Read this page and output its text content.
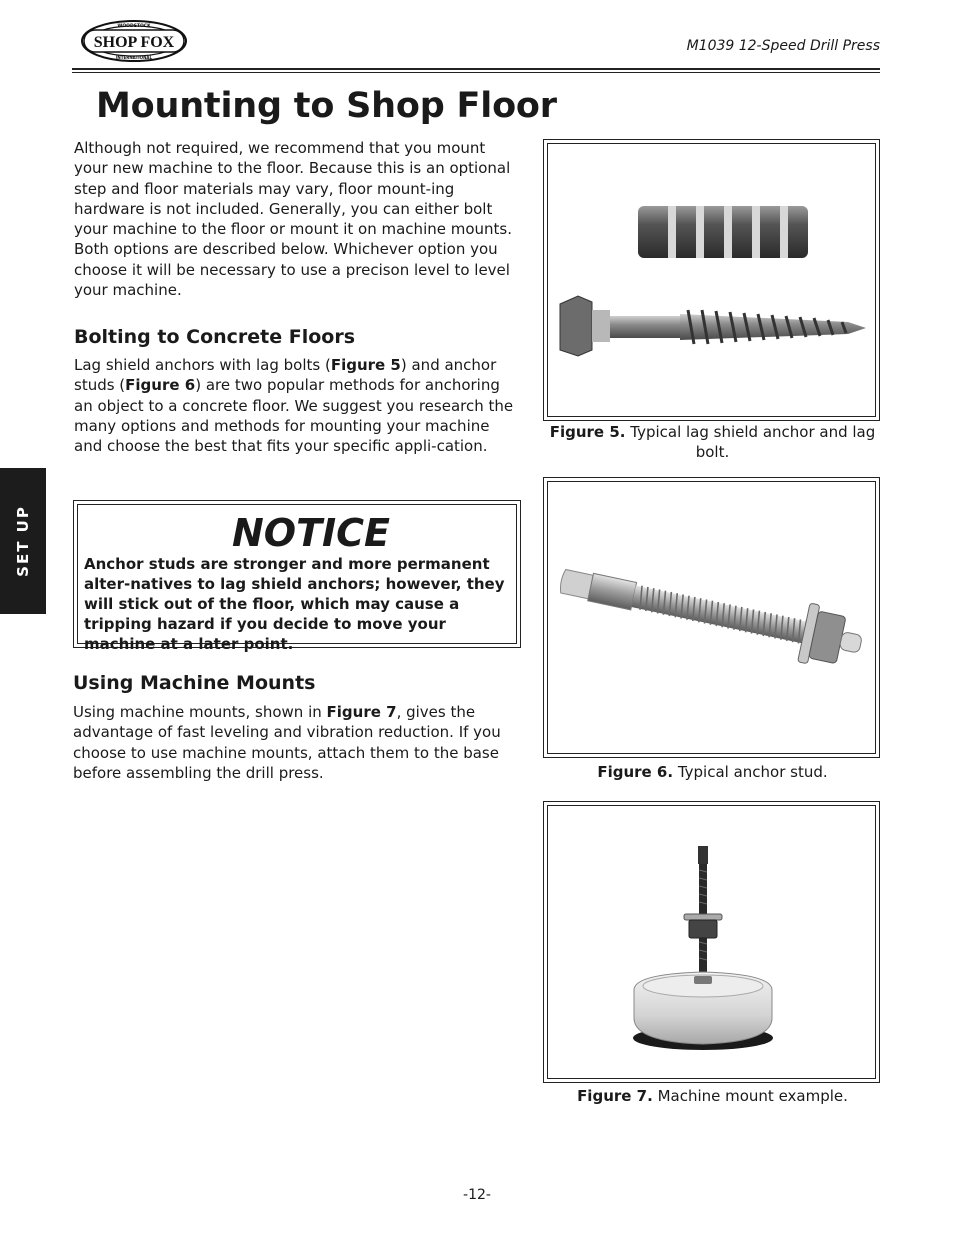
SHOP FOX
WOODSTOCK
INTERNATIONAL
M1039 12-Speed Drill Press
Mounting to Shop Floor

Although not required, we recommend that you mount your new machine to the floor. Because this is an optional step and floor materials may vary, floor mount-ing hardware is not included. Generally, you can either bolt your machine to the floor or mount it on machine mounts. Both options are described below. Whichever option you choose it will be necessary to use a precison level to level your machine.

Bolting to Concrete Floors

Lag shield anchors with lag bolts (Figure 5) and anchor studs (Figure 6) are two popular methods for anchoring an object to a concrete floor. We suggest you research the many options and methods for mounting your machine and choose the best that fits your specific appli-cation.

NOTICE

Anchor studs are stronger and more permanent alter-natives to lag shield anchors; however, they will stick out of the floor, which may cause a tripping hazard if you decide to move your machine at a later point.

Using Machine Mounts

Using machine mounts, shown in Figure 7, gives the advantage of fast leveling and vibration reduction. If you choose to use machine mounts, attach them to the base before assembling the drill press.

Figure 5. Typical lag shield anchor and lag bolt.

Figure 6. Typical anchor stud.

Figure 7. Machine mount example.

SET UP
-12-
